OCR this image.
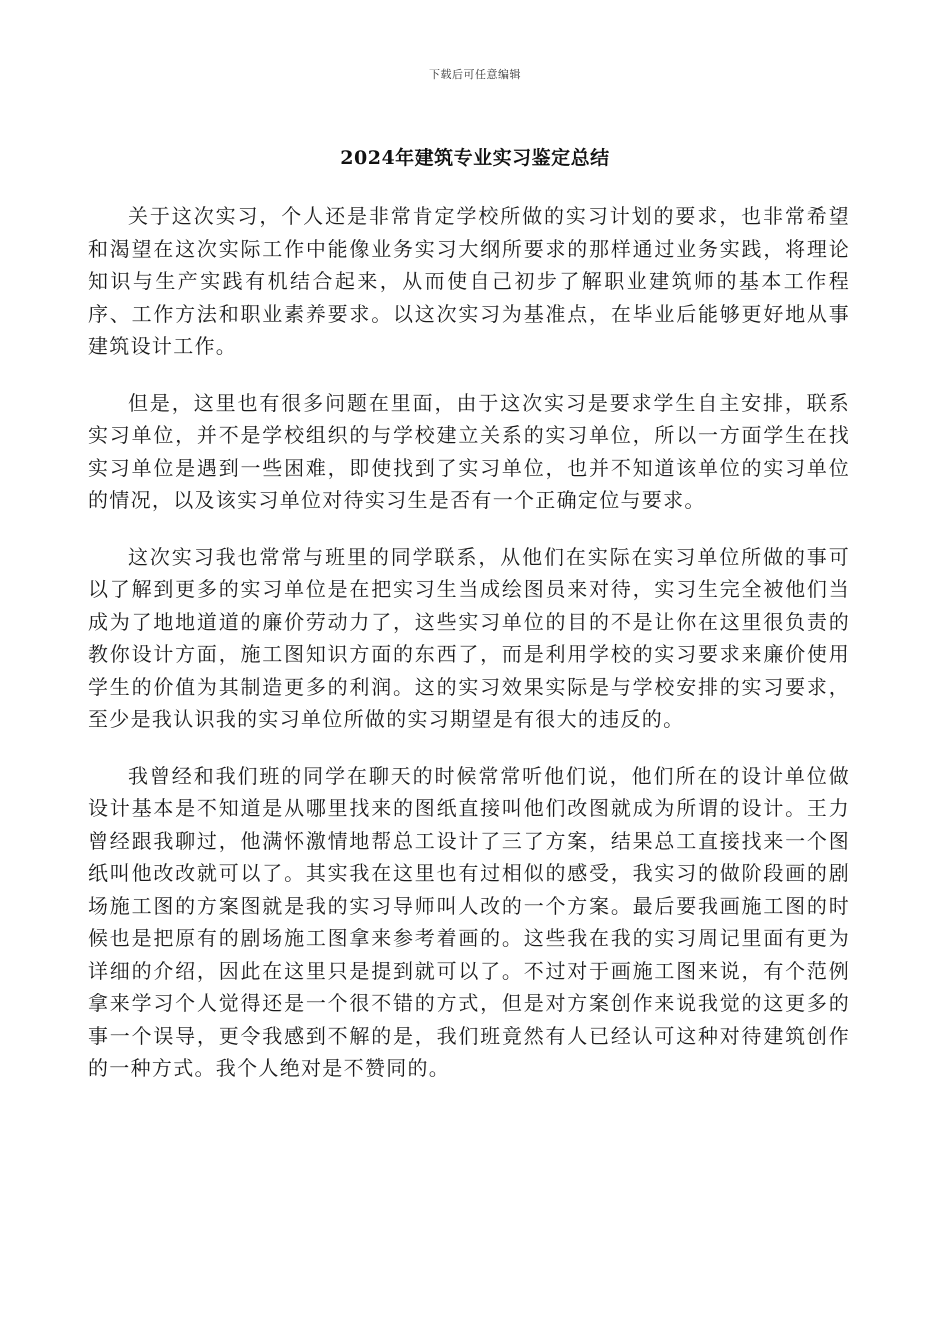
下载后可任意编辑
2024年建筑专业实习鉴定总结

关于这次实习，个人还是非常肯定学校所做的实习计划的要求，也非常希望和渴望在这次实际工作中能像业务实习大纲所要求的那样通过业务实践，将理论知识与生产实践有机结合起来，从而使自己初步了解职业建筑师的基本工作程序、工作方法和职业素养要求。以这次实习为基准点，在毕业后能够更好地从事建筑设计工作。

但是，这里也有很多问题在里面，由于这次实习是要求学生自主安排，联系实习单位，并不是学校组织的与学校建立关系的实习单位，所以一方面学生在找实习单位是遇到一些困难，即使找到了实习单位，也并不知道该单位的实习单位的情况，以及该实习单位对待实习生是否有一个正确定位与要求。

这次实习我也常常与班里的同学联系，从他们在实际在实习单位所做的事可以了解到更多的实习单位是在把实习生当成绘图员来对待，实习生完全被他们当成为了地地道道的廉价劳动力了，这些实习单位的目的不是让你在这里很负责的教你设计方面，施工图知识方面的东西了，而是利用学校的实习要求来廉价使用学生的价值为其制造更多的利润。这的实习效果实际是与学校安排的实习要求，至少是我认识我的实习单位所做的实习期望是有很大的违反的。

我曾经和我们班的同学在聊天的时候常常听他们说，他们所在的设计单位做设计基本是不知道是从哪里找来的图纸直接叫他们改图就成为所谓的设计。王力曾经跟我聊过，他满怀激情地帮总工设计了三了方案，结果总工直接找来一个图纸叫他改改就可以了。其实我在这里也有过相似的感受，我实习的做阶段画的剧场施工图的方案图就是我的实习导师叫人改的一个方案。最后要我画施工图的时候也是把原有的剧场施工图拿来参考着画的。这些我在我的实习周记里面有更为详细的介绍，因此在这里只是提到就可以了。不过对于画施工图来说，有个范例拿来学习个人觉得还是一个很不错的方式，但是对方案创作来说我觉的这更多的事一个误导，更令我感到不解的是，我们班竟然有人已经认可这种对待建筑创作的一种方式。我个人绝对是不赞同的。
